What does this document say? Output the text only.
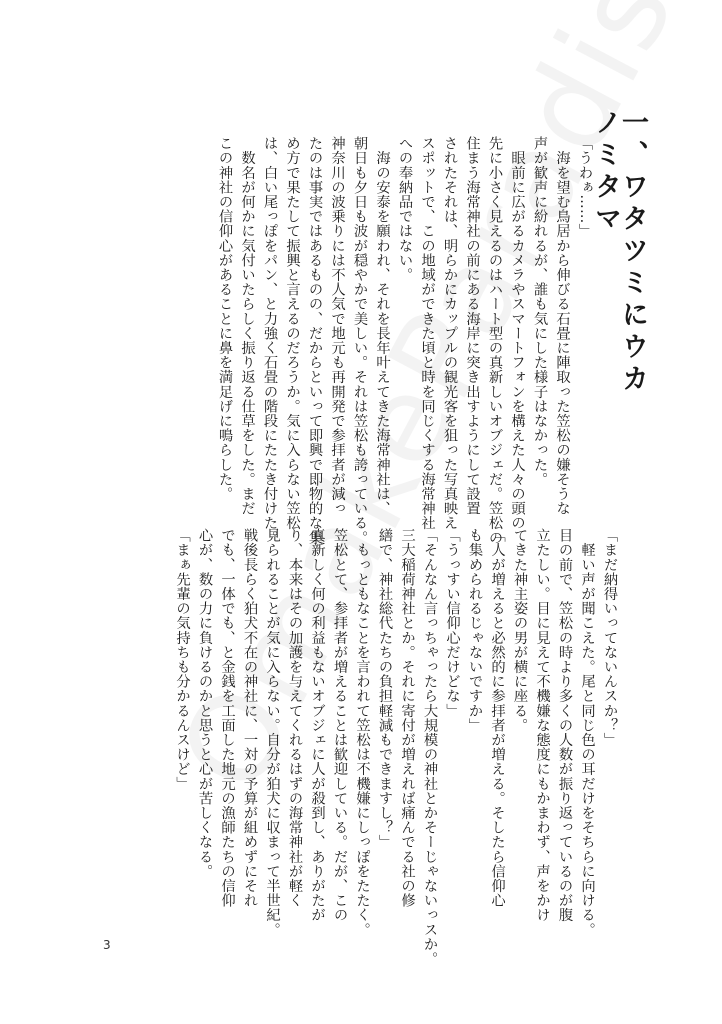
一、ワタツミにウカノミタマ
「うわぁ……」
　海を望む鳥居から伸びる石畳に陣取った笠松の嫌そうな
声が歓声に紛れるが、誰も気にした様子はなかった。
　眼前に広がるカメラやスマートフォンを構えた人々の頭の
先に小さく見えるのはハート型の真新しいオブジェだ。笠松の
住まう海常神社の前にある海岸に突き出すようにして設置
されたそれは、明らかにカップルの観光客を狙った写真映え
スポットで、この地域ができた頃と時を同じくする海常神社
への奉納品ではない。
　海の安泰を願われ、それを長年叶えてきた海常神社は、
朝日も夕日も波が穏やかで美しい。それは笠松も誇っている。
神奈川の波乗りには不人気で地元も再開発で参拝者が減っ
たのは事実ではあるものの、だからといって即興で即物的な集
め方で果たして振興と言えるのだろうか。気に入らない笠松
は、白い尾っぽをパン、と力強く石畳の階段にたたき付けた。
　数名が何かに気付いたらしく振り返る仕草をした。まだ
この神社の信仰心があることに鼻を満足げに鳴らした。
「まだ納得いってないんスか？」
　軽い声が聞こえた。尾と同じ色の耳だけをそちらに向ける。
目の前で、笠松の時より多くの人数が振り返っているのが腹
立たしい。目に見えて不機嫌な態度にもかまわず、声をかけ
てきた神主姿の男が横に座る。
「人が増えると必然的に参拝者が増える。そしたら信仰心
も集められるじゃないですか」
「うっすい信仰心だけどな」
「そんなん言っちゃったら大規模の神社とかそーじゃないっスか。
三大稲荷神社とか。それに寄付が増えれば痛んでる社の修
繕で、神社総代たちの負担軽減もできますし？」
　もっともなことを言われて笠松は不機嫌にしっぽをたたく。
笠松とて、参拝者が増えることは歓迎している。だが、この
真新しく何の利益もないオブジェに人が殺到し、ありがたが
り、本来はその加護を与えてくれるはずの海常神社が軽く
見られることが気に入らない。自分が狛犬に収まって半世紀。
戦後長らく狛犬不在の神社に、一対の予算が組めずにそれ
でも、一体でも、と金銭を工面した地元の漁師たちの信仰
心が、数の力に負けるのかと思うと心が苦しくなる。
「まぁ先輩の気持ちも分かるんスけど」
3
